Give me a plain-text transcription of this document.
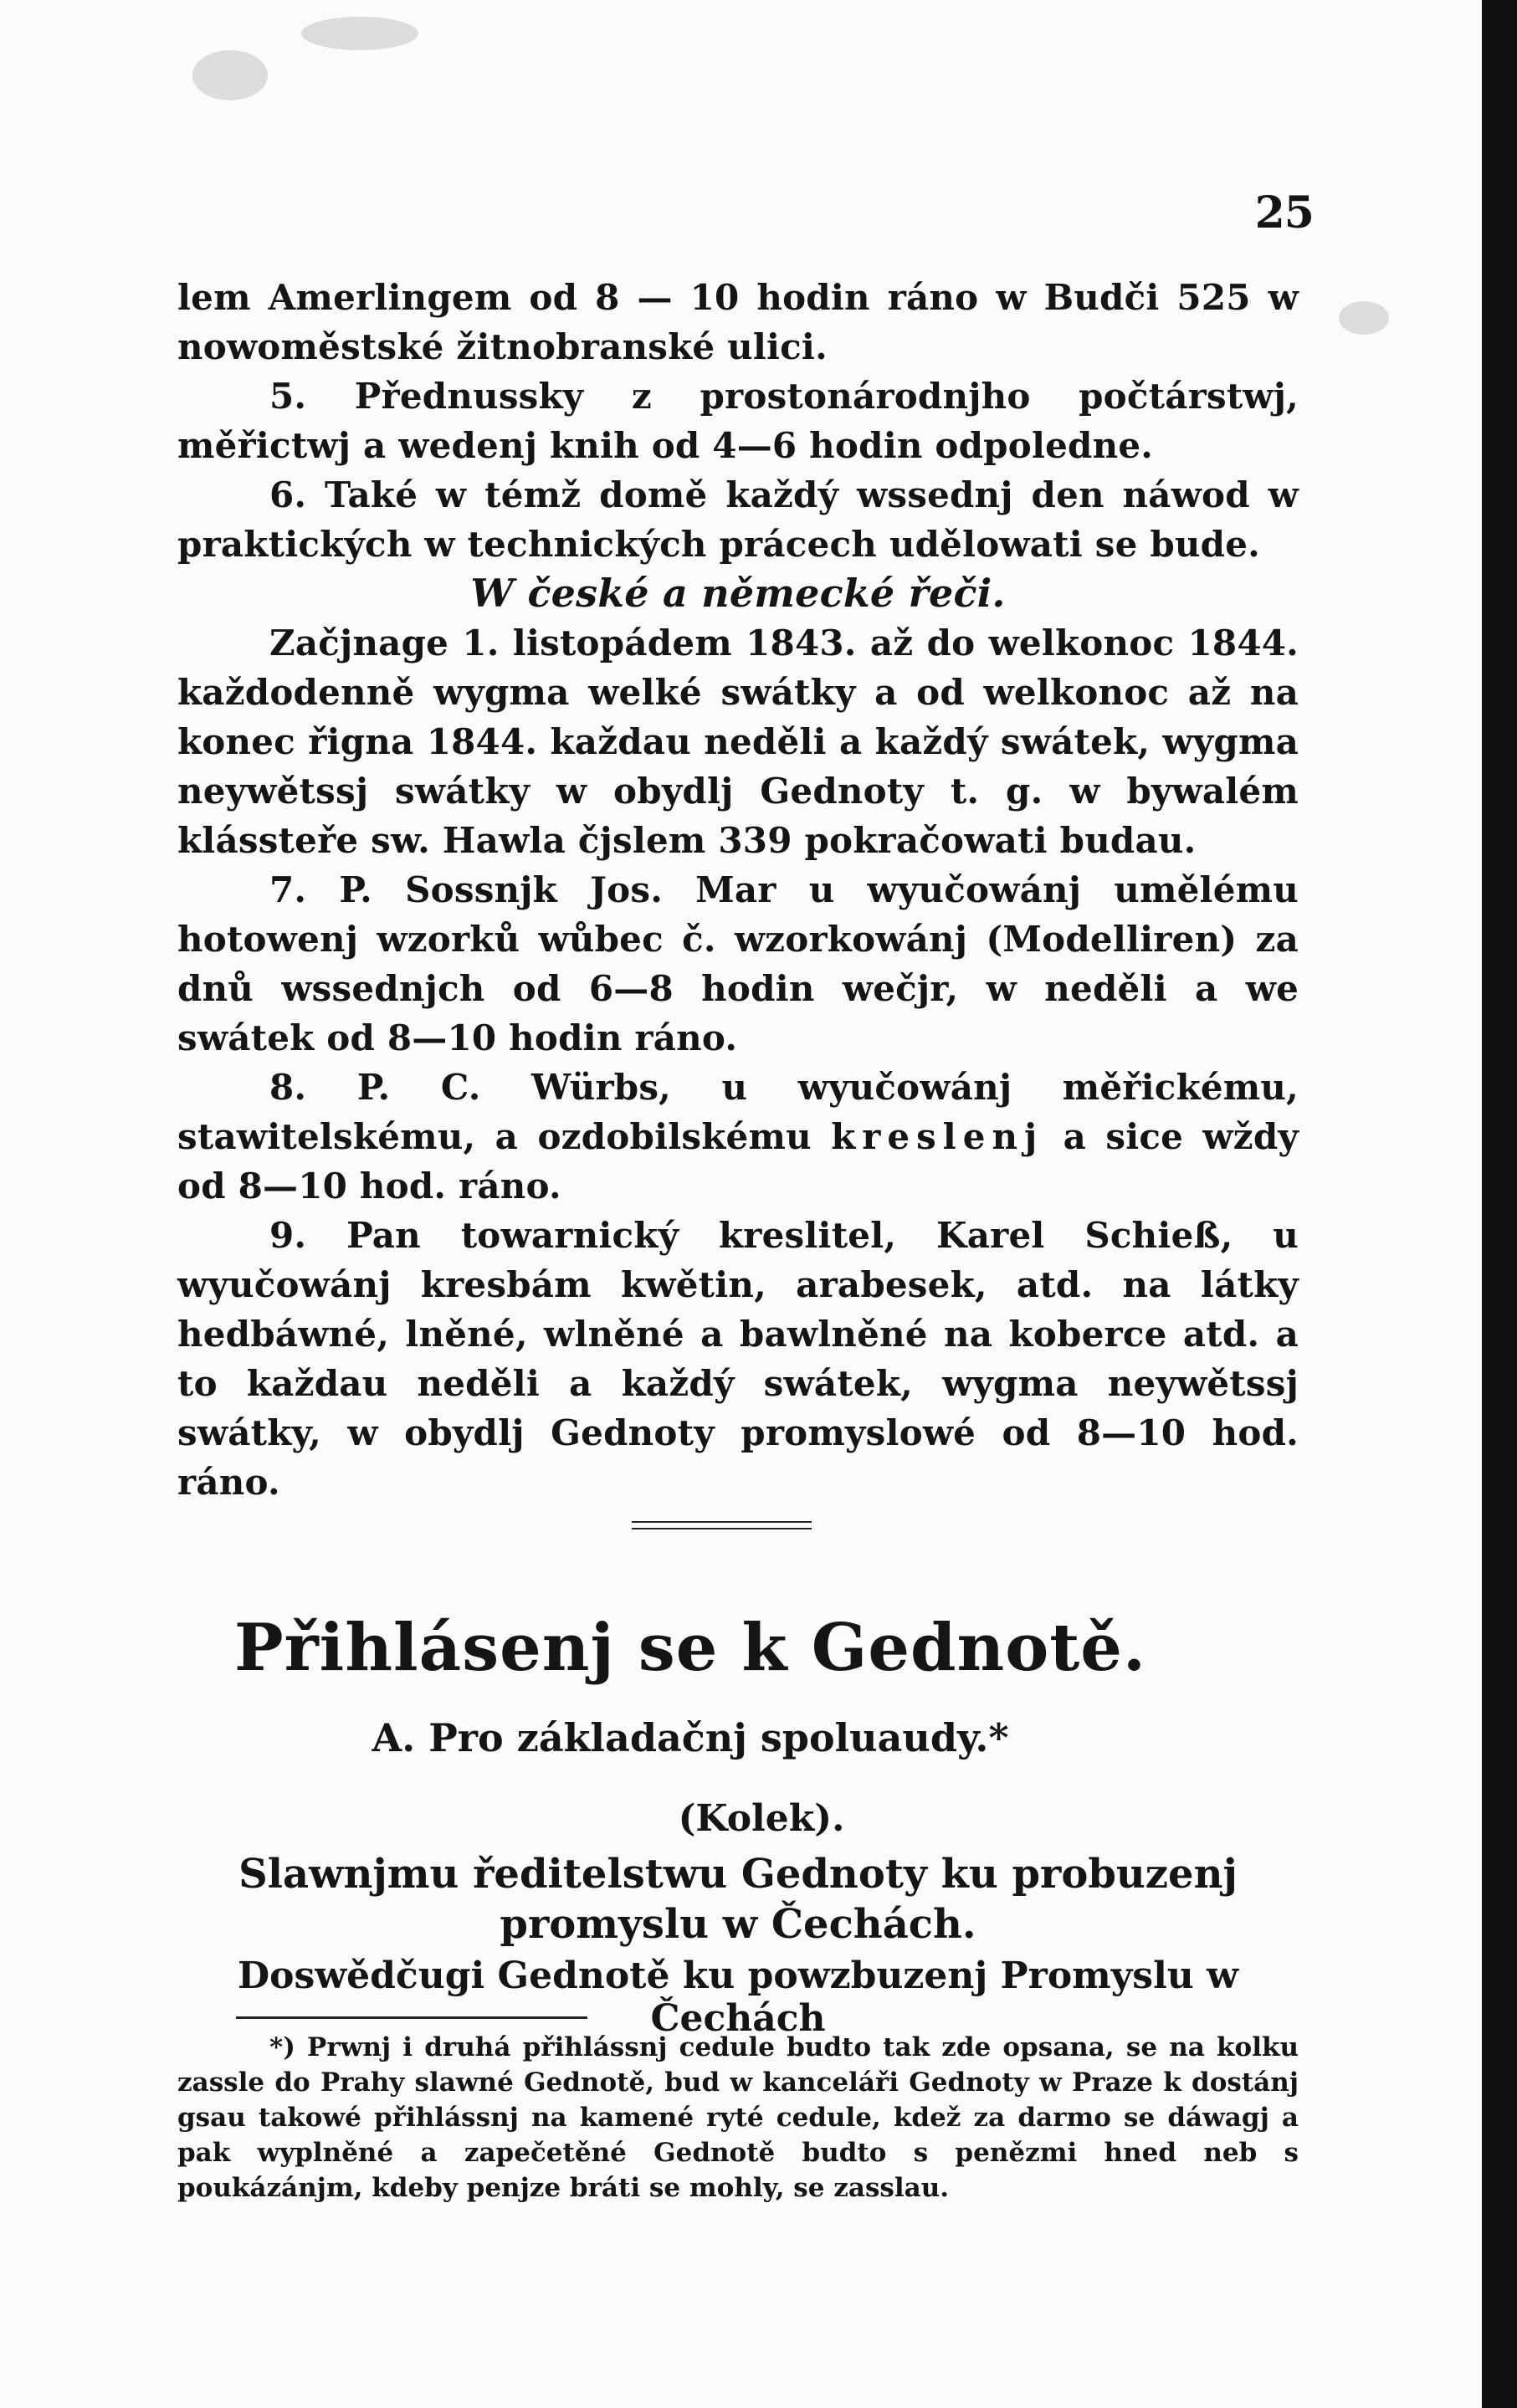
25

lem Amerlingem od 8 — 10 hodin ráno w Budči 525 w nowoměstské žitnobranské ulici.

5. Přednussky z prostonárodnjho počtárstwj, měřictwj a wedenj knih od 4—6 hodin odpoledne.

6. Také w témž domě každý wssednj den náwod w praktických w technických prácech udělowati se bude.

W české a německé řeči.

Začjnage 1. listopádem 1843. až do welkonoc 1844. každodenně wygma welké swátky a od welkonoc až na konec řigna 1844. každau neděli a každý swátek, wygma neywětssj swátky w obydlj Gednoty t. g. w bywalém klássteře sw. Hawla čjslem 339 pokračowati budau.

7. P. Sossnjk Jos. Mar u wyučowánj umělému hotowenj wzorků wůbec č. wzorkowánj (Modelliren) za dnů wssednjch od 6—8 hodin wečjr, w neděli a we swátek od 8—10 hodin ráno.

8. P. C. Würbs, u wyučowánj měřickému, stawitelskému, a ozdobilskému kreslenj a sice wždy od 8—10 hod. ráno.

9. Pan towarnický kreslitel, Karel Schieß, u wyučowánj kresbám kwětin, arabesek, atd. na látky hedbáwné, lněné, wlněné a bawlněné na koberce atd. a to každau neděli a každý swátek, wygma neywětssj swátky, w obydlj Gednoty promyslowé od 8—10 hod. ráno.

Přihlásenj se k Gednotě.
A. Pro základačnj spoluaudy.*
(Kolek).
Slawnjmu ředitelstwu Gednoty ku probuzenj promyslu w Čechách.
Doswědčugi Gednotě ku powzbuzenj Promyslu w Čechách
*) Prwnj i druhá přihlássnj cedule budto tak zde opsana, se na kolku zassle do Prahy slawné Gednotě, bud w kanceláři Gednoty w Praze k dostánj gsau takowé přihlássnj na kamené ryté cedule, kdež za darmo se dáwagj a pak wyplněné a zapečetěné Gednotě budto s penězmi hned neb s poukázánjm, kdeby penjze bráti se mohly, se zasslau.
